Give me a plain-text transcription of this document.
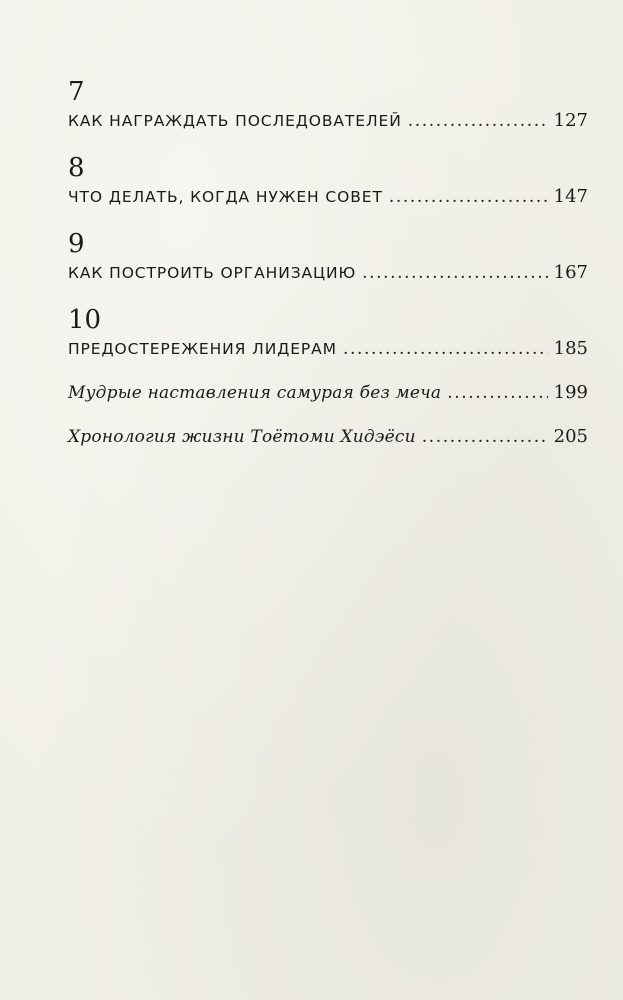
7
КАК НАГРАЖДАТЬ ПОСЛЕДОВАТЕЛЕЙ .....	127
8
ЧТО ДЕЛАТЬ, КОГДА НУЖЕН СОВЕТ .....	147
9
КАК ПОСТРОИТЬ ОРГАНИЗАЦИЮ .....	167
10
ПРЕДОСТЕРЕЖЕНИЯ ЛИДЕРАМ .....	185
Мудрые наставления самурая без меча .....	199
Хронология жизни Тоётоми Хидэёси .....	205
